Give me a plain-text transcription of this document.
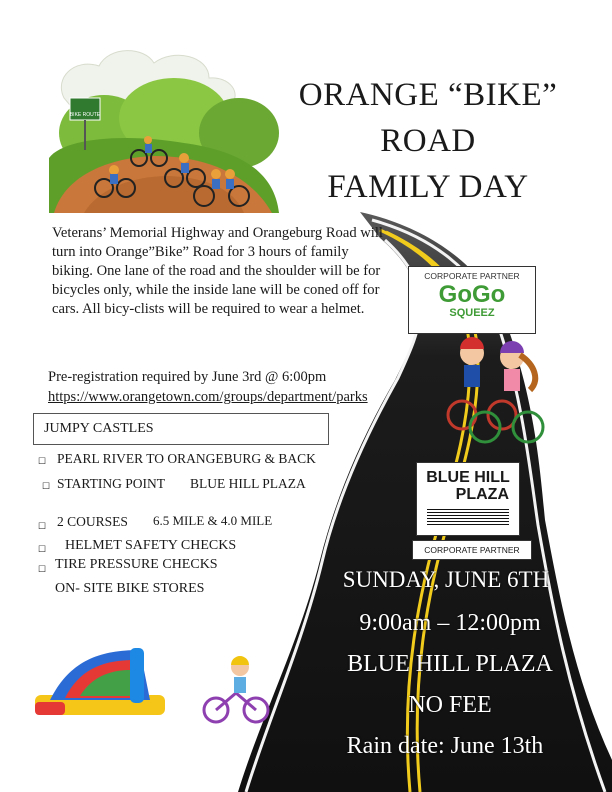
BIKE ROUTE
ORANGE “BIKE”
ROAD
FAMILY DAY
Veterans’ Memorial Highway and Orangeburg Road will turn into Orange”Bike” Road for 3 hours of family biking. One lane of the road and the shoulder will be for bicycles only, while the inside lane will be coned off for cars. All bicy-clists will be required to wear a helmet.
CORPORATE PARTNER
GoGo
SQUEEZ
Pre-registration required by June 3rd @ 6:00pm
https://www.orangetown.com/groups/department/parks
JUMPY CASTLES
☐ PEARL RIVER TO ORANGEBURG & BACK
☐ STARTING POINT BLUE HILL PLAZA
☐ 2 COURSES 6.5 MILE & 4.0 MILE
☐ HELMET SAFETY CHECKS
☐ TIRE PRESSURE CHECKS
ON- SITE BIKE STORES
BLUE HILL
PLAZA
CORPORATE PARTNER
SUNDAY, JUNE 6TH
9:00am – 12:00pm
BLUE HILL PLAZA
NO FEE
Rain date: June 13th
